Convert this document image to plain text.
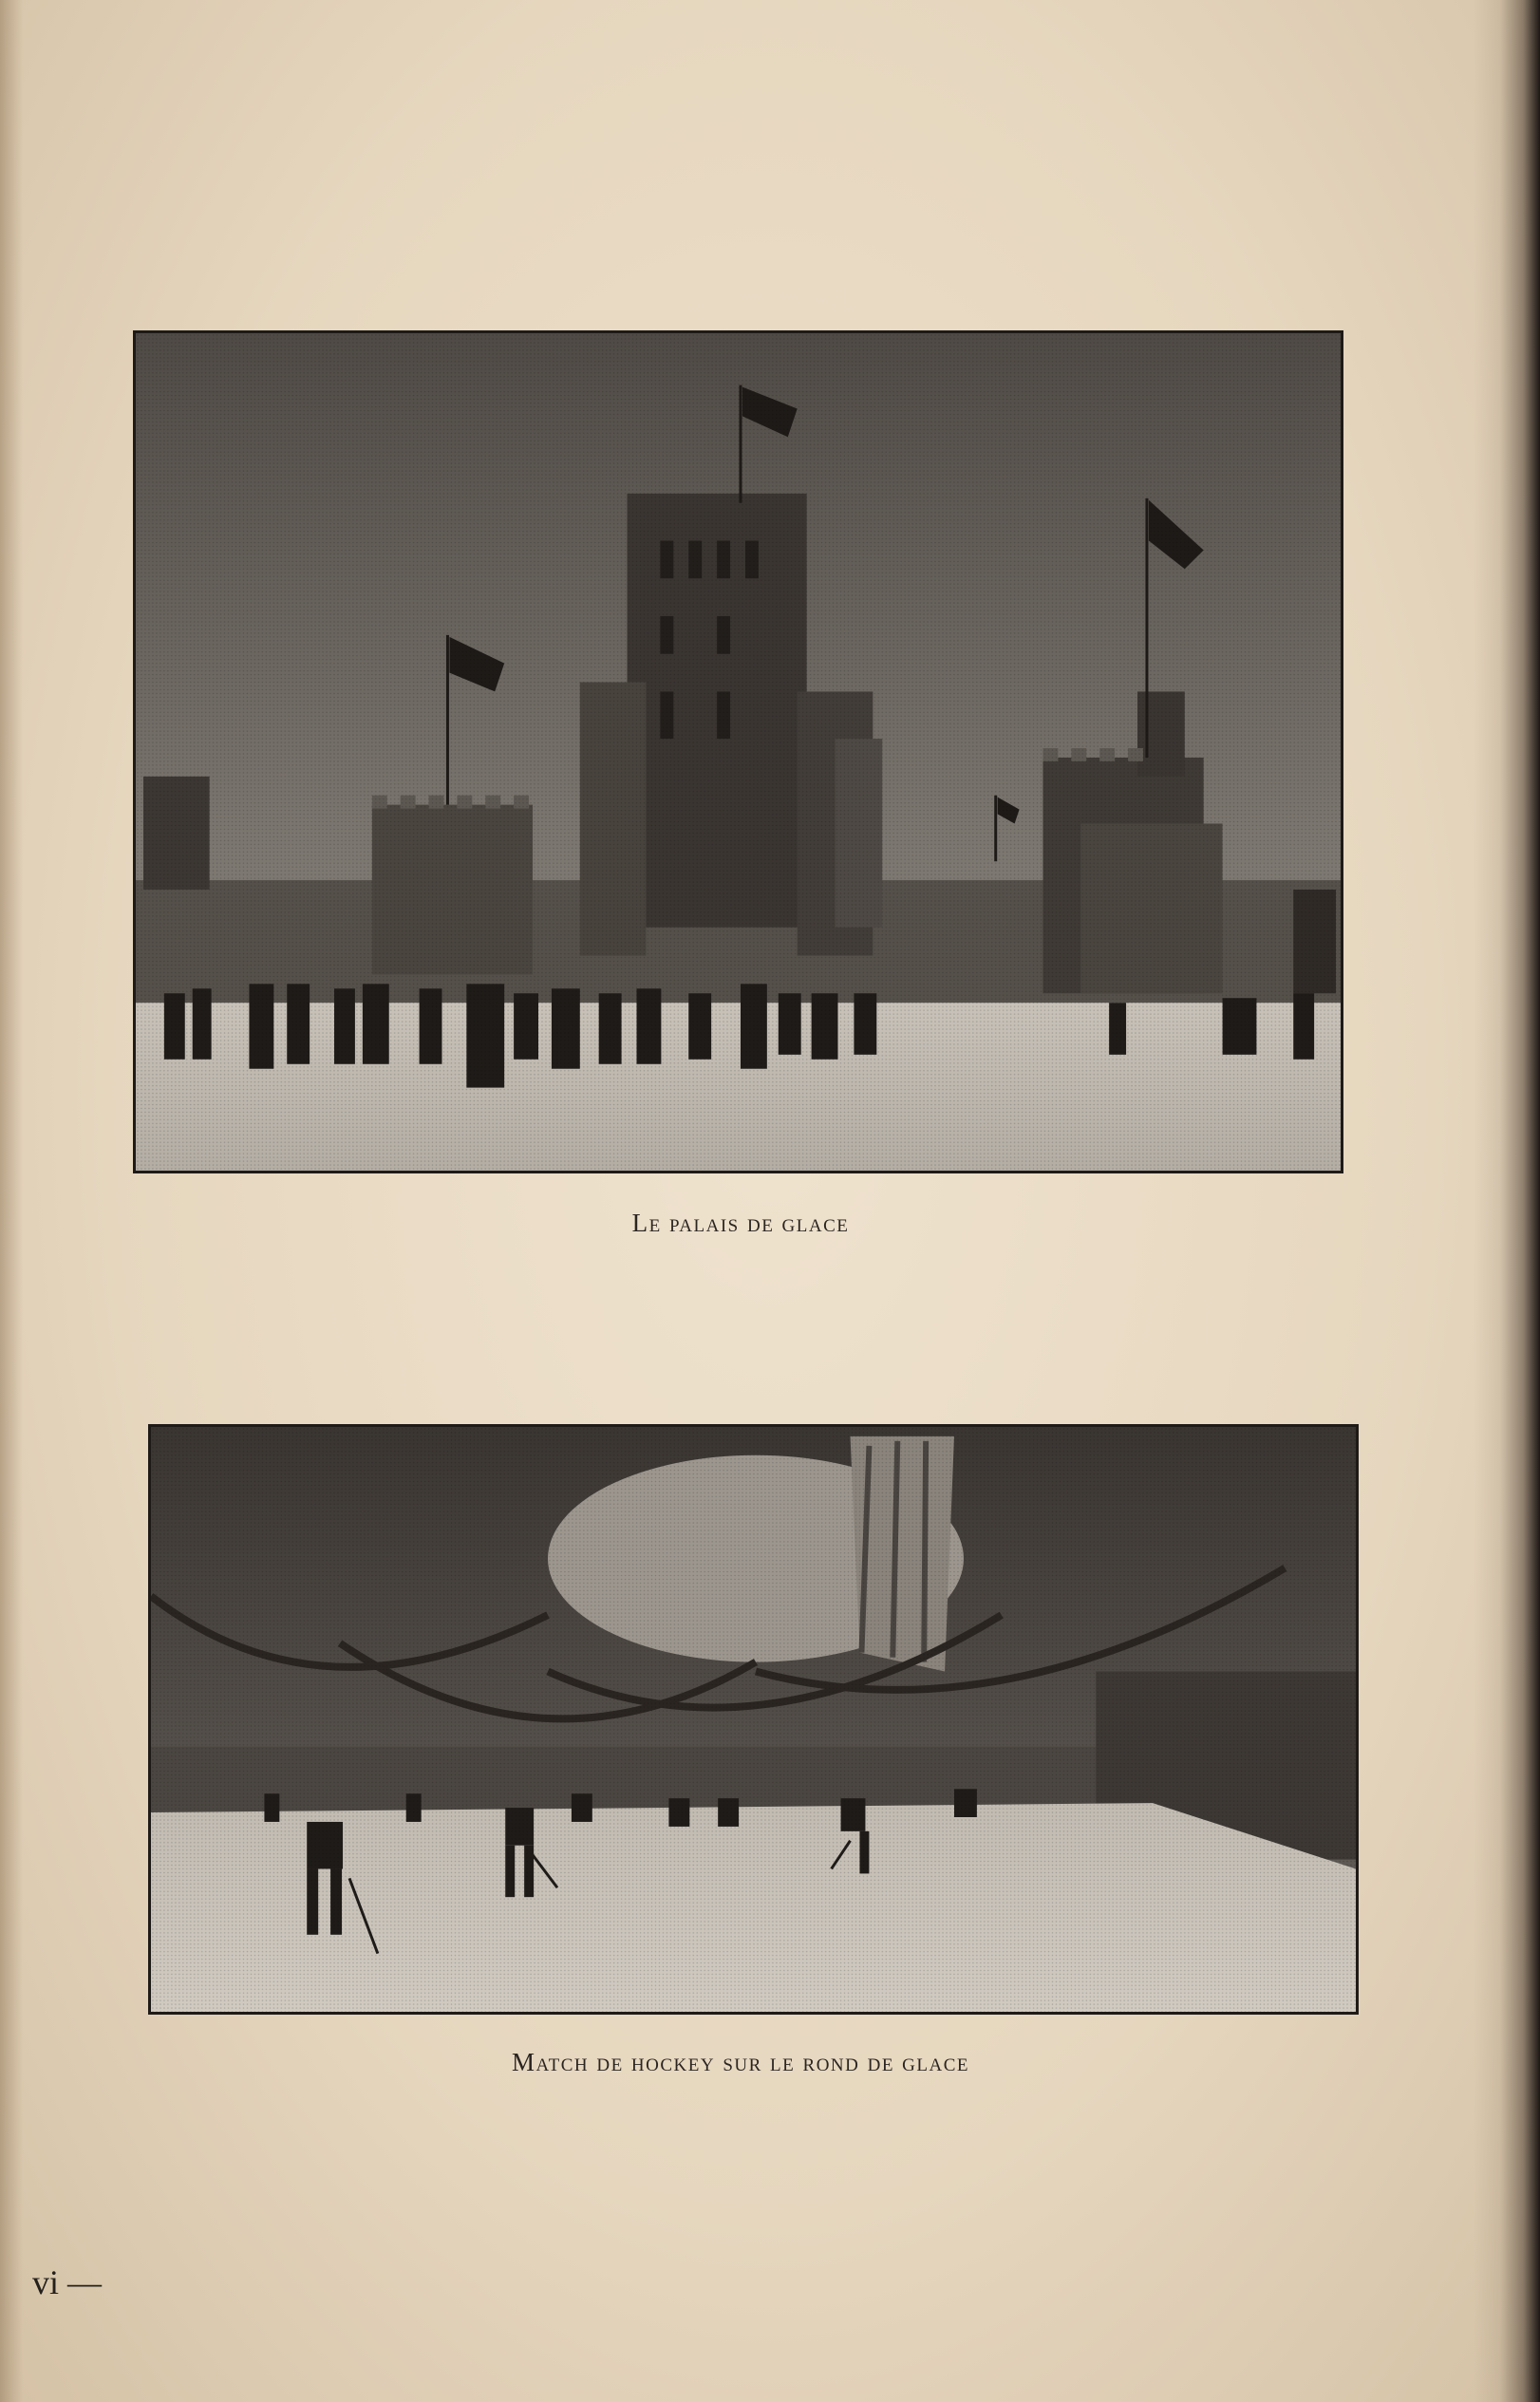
Le palais de glace
Match de hockey sur le rond de glace
vi —
